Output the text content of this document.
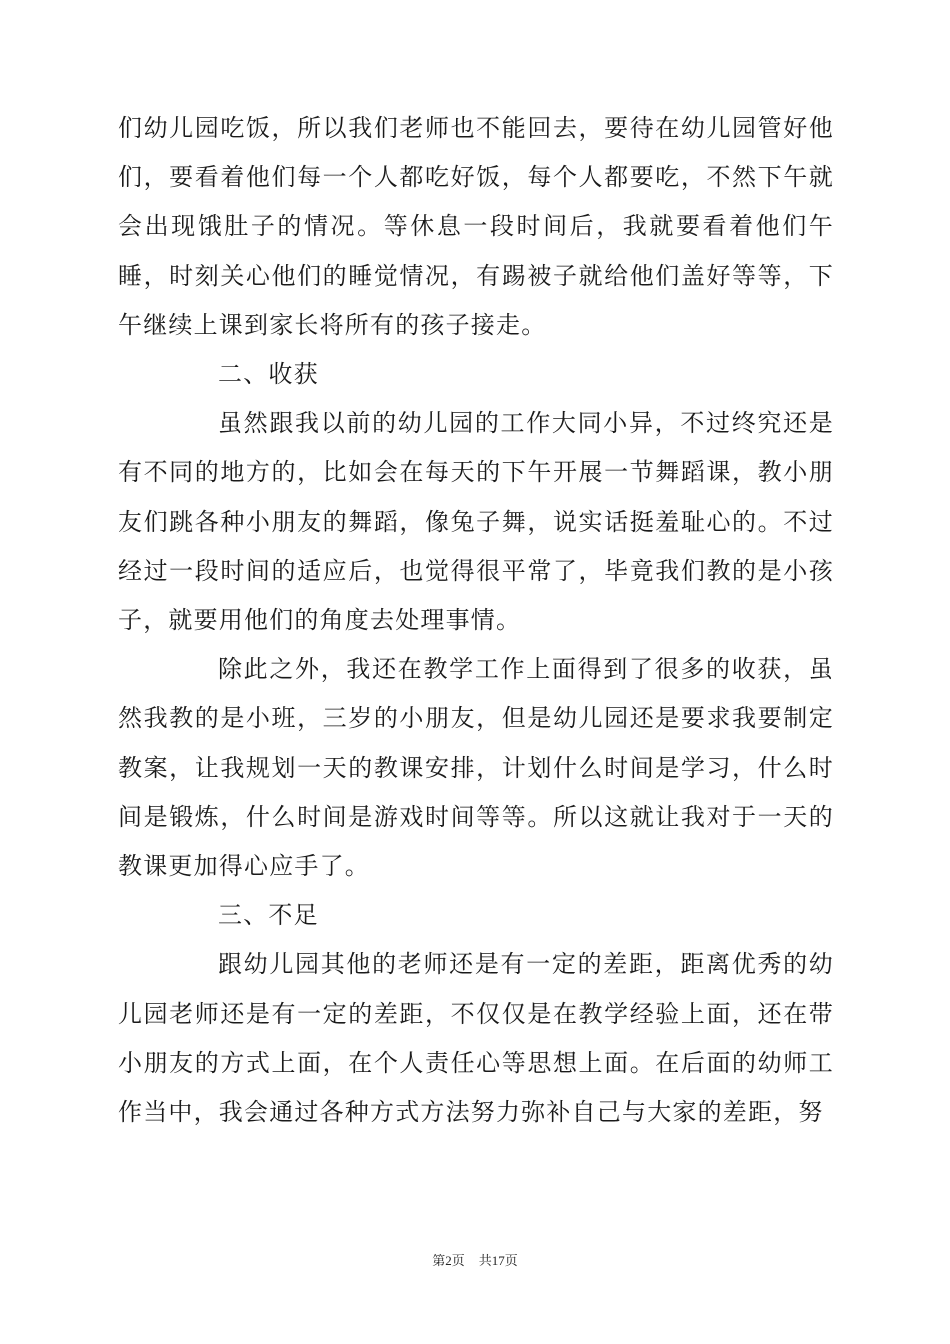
们幼儿园吃饭，所以我们老师也不能回去，要待在幼儿园管好他们，要看着他们每一个人都吃好饭，每个人都要吃，不然下午就会出现饿肚子的情况。等休息一段时间后，我就要看着他们午睡，时刻关心他们的睡觉情况，有踢被子就给他们盖好等等，下午继续上课到家长将所有的孩子接走。

二、收获

虽然跟我以前的幼儿园的工作大同小异，不过终究还是有不同的地方的，比如会在每天的下午开展一节舞蹈课，教小朋友们跳各种小朋友的舞蹈，像兔子舞，说实话挺羞耻心的。不过经过一段时间的适应后，也觉得很平常了，毕竟我们教的是小孩子，就要用他们的角度去处理事情。

除此之外，我还在教学工作上面得到了很多的收获，虽然我教的是小班，三岁的小朋友，但是幼儿园还是要求我要制定教案，让我规划一天的教课安排，计划什么时间是学习，什么时间是锻炼，什么时间是游戏时间等等。所以这就让我对于一天的教课更加得心应手了。

三、不足

跟幼儿园其他的老师还是有一定的差距，距离优秀的幼儿园老师还是有一定的差距，不仅仅是在教学经验上面，还在带小朋友的方式上面，在个人责任心等思想上面。在后面的幼师工作当中，我会通过各种方式方法努力弥补自己与大家的差距，努

第2页 共17页
